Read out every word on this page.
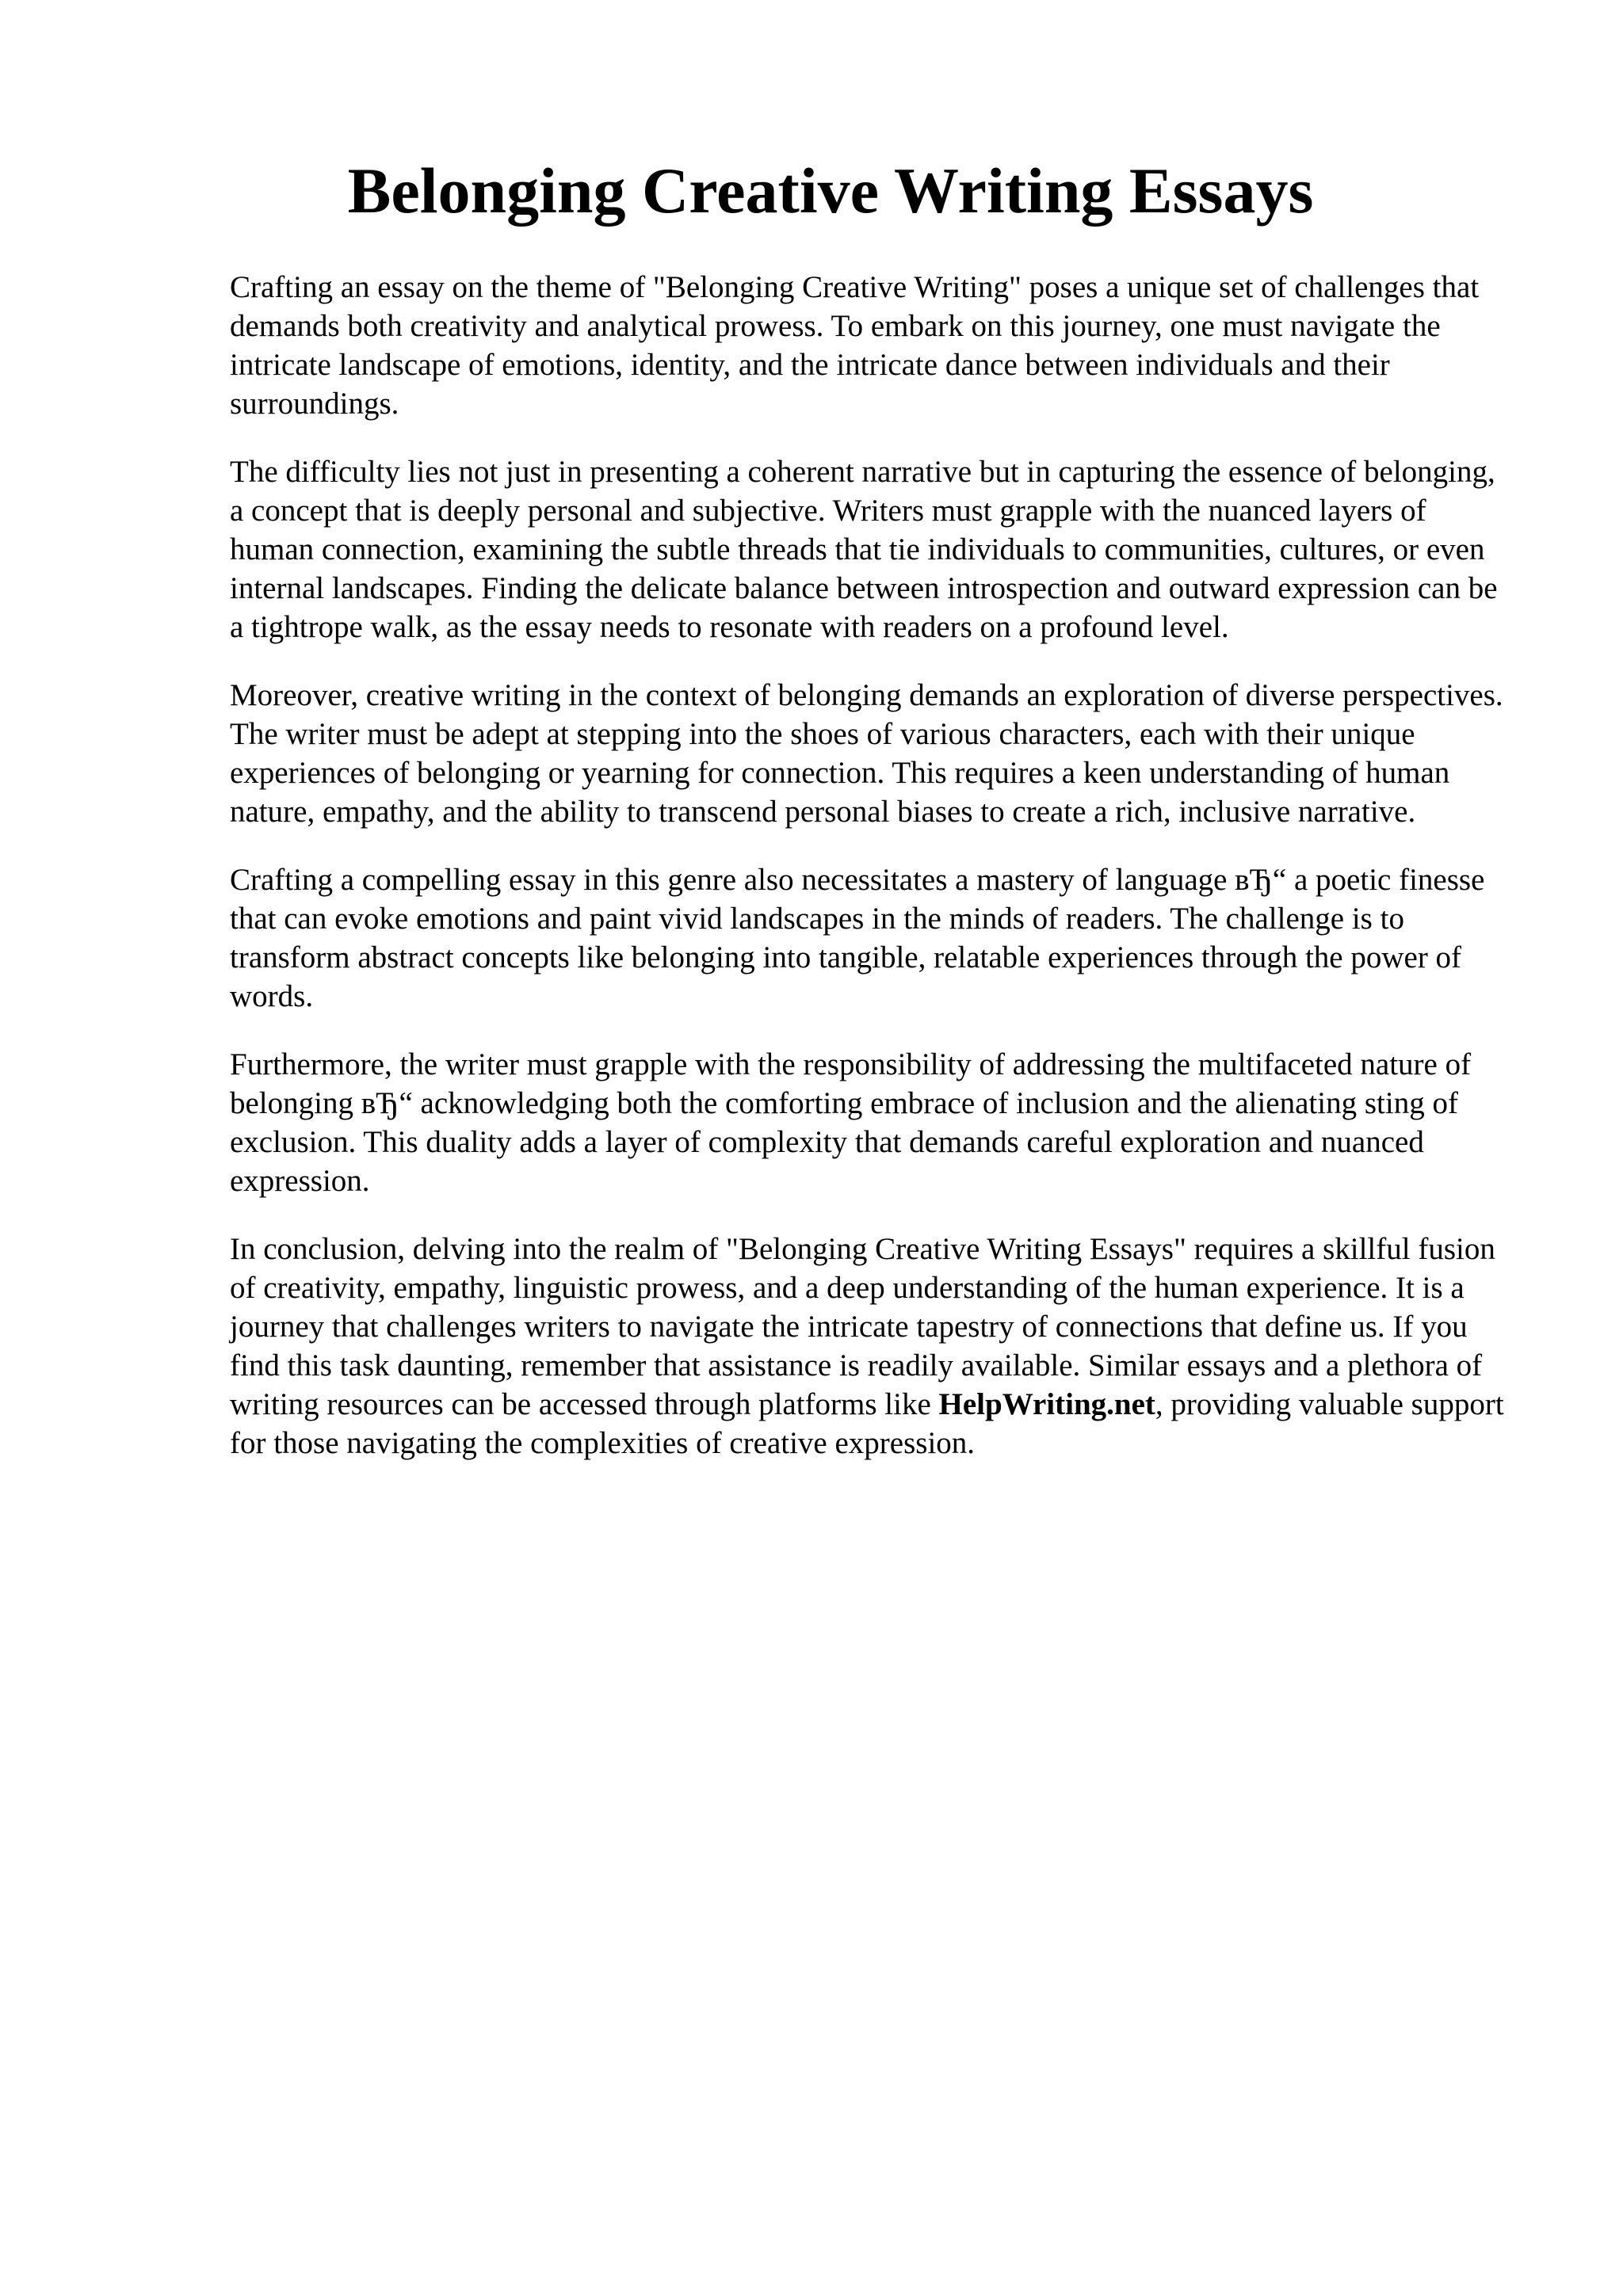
Belonging Creative Writing Essays

Crafting an essay on the theme of "Belonging Creative Writing" poses a unique set of challenges that demands both creativity and analytical prowess. To embark on this journey, one must navigate the intricate landscape of emotions, identity, and the intricate dance between individuals and their surroundings.

The difficulty lies not just in presenting a coherent narrative but in capturing the essence of belonging, a concept that is deeply personal and subjective. Writers must grapple with the nuanced layers of human connection, examining the subtle threads that tie individuals to communities, cultures, or even internal landscapes. Finding the delicate balance between introspection and outward expression can be a tightrope walk, as the essay needs to resonate with readers on a profound level.

Moreover, creative writing in the context of belonging demands an exploration of diverse perspectives. The writer must be adept at stepping into the shoes of various characters, each with their unique experiences of belonging or yearning for connection. This requires a keen understanding of human nature, empathy, and the ability to transcend personal biases to create a rich, inclusive narrative.

Crafting a compelling essay in this genre also necessitates a mastery of language вЂ“ a poetic finesse that can evoke emotions and paint vivid landscapes in the minds of readers. The challenge is to transform abstract concepts like belonging into tangible, relatable experiences through the power of words.

Furthermore, the writer must grapple with the responsibility of addressing the multifaceted nature of belonging вЂ“ acknowledging both the comforting embrace of inclusion and the alienating sting of exclusion. This duality adds a layer of complexity that demands careful exploration and nuanced expression.

In conclusion, delving into the realm of "Belonging Creative Writing Essays" requires a skillful fusion of creativity, empathy, linguistic prowess, and a deep understanding of the human experience. It is a journey that challenges writers to navigate the intricate tapestry of connections that define us. If you find this task daunting, remember that assistance is readily available. Similar essays and a plethora of writing resources can be accessed through platforms like HelpWriting.net, providing valuable support for those navigating the complexities of creative expression.
